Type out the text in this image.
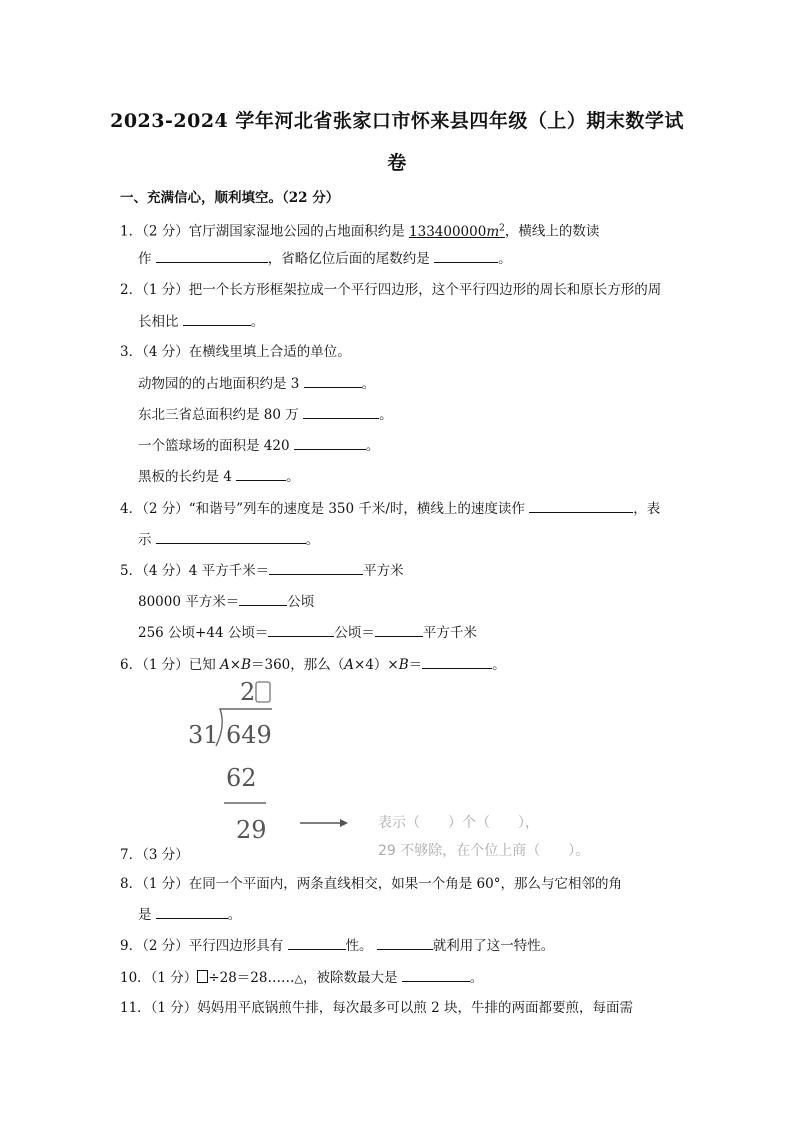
2023-2024 学年河北省张家口市怀来县四年级（上）期末数学试
卷
一、充满信心，顺利填空。（22 分）
1．（2 分）官厅湖国家湿地公园的占地面积约是 $133400000m^2$，横线上的数读
作	，省略亿位后面的尾数约是	。
2．（1 分）把一个长方形框架拉成一个平行四边形，这个平行四边形的周长和原长方形的周
长相比	。
3．（4 分）在横线里填上合适的单位。
动物园的的占地面积约是 3	。
东北三省总面积约是 80 万	。
一个篮球场的面积是 420	。
黑板的长约是 4	。
4．（2 分）“和谐号”列车的速度是 350 千米/时，横线上的速度读作	，表
示	。
5．（4 分）4 平方千米＝	平方米
80000 平方米＝	公顷
256 公顷+44 公顷＝	公顷＝	平方千米
6．（1 分）已知 A×B＝360，那么（A×4）×B＝	。
2
31 649
62
29	表示（　　）个（　　），
29 不够除，在个位上商（　　）。
7．（3 分）
8．（1 分）在同一个平面内，两条直线相交，如果一个角是 60°，那么与它相邻的角
是	。
9．（2 分）平行四边形具有	性。	就利用了这一特性。
10．（1 分） ÷28＝28……△，被除数最大是	。
11．（1 分）妈妈用平底锅煎牛排，每次最多可以煎 2 块，牛排的两面都要煎，每面需
